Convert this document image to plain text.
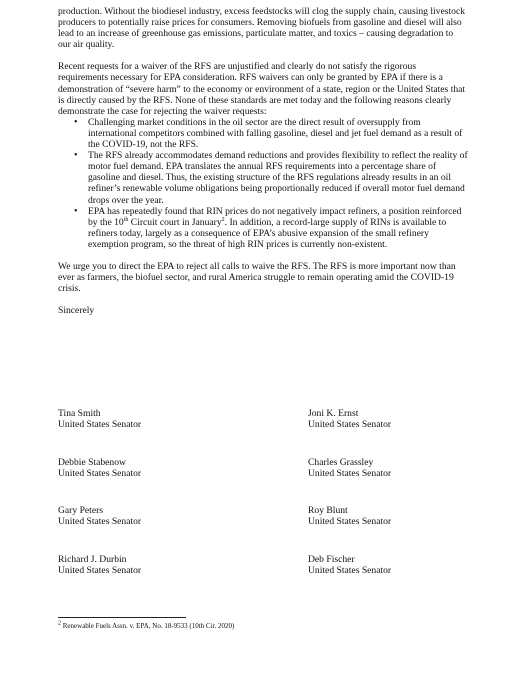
production. Without the biodiesel industry, excess feedstocks will clog the supply chain, causing livestock producers to potentially raise prices for consumers. Removing biofuels from gasoline and diesel will also lead to an increase of greenhouse gas emissions, particulate matter, and toxics – causing degradation to our air quality.

Recent requests for a waiver of the RFS are unjustified and clearly do not satisfy the rigorous requirements necessary for EPA consideration. RFS waivers can only be granted by EPA if there is a demonstration of “severe harm” to the economy or environment of a state, region or the United States that is directly caused by the RFS. None of these standards are met today and the following reasons clearly demonstrate the case for rejecting the waiver requests:

• Challenging market conditions in the oil sector are the direct result of oversupply from international competitors combined with falling gasoline, diesel and jet fuel demand as a result of the COVID-19, not the RFS.
• The RFS already accommodates demand reductions and provides flexibility to reflect the reality of motor fuel demand. EPA translates the annual RFS requirements into a percentage share of gasoline and diesel. Thus, the existing structure of the RFS regulations already results in an oil refiner’s renewable volume obligations being proportionally reduced if overall motor fuel demand drops over the year.
• EPA has repeatedly found that RIN prices do not negatively impact refiners, a position reinforced by the 10th Circuit court in January$^2$. In addition, a record-large supply of RINs is available to refiners today, largely as a consequence of EPA’s abusive expansion of the small refinery exemption program, so the threat of high RIN prices is currently non-existent.

We urge you to direct the EPA to reject all calls to waive the RFS. The RFS is more important now than ever as farmers, the biofuel sector, and rural America struggle to remain operating amid the COVID-19 crisis.

Sincerely

Tina Smith
United States Senator
Joni K. Ernst
United States Senator
Debbie Stabenow
United States Senator
Charles Grassley
United States Senator
Gary Peters
United States Senator
Roy Blunt
United States Senator
Richard J. Durbin
United States Senator
Deb Fischer
United States Senator
$^2$ Renewable Fuels Assn. v. EPA, No. 18-9533 (10th Cir. 2020)
